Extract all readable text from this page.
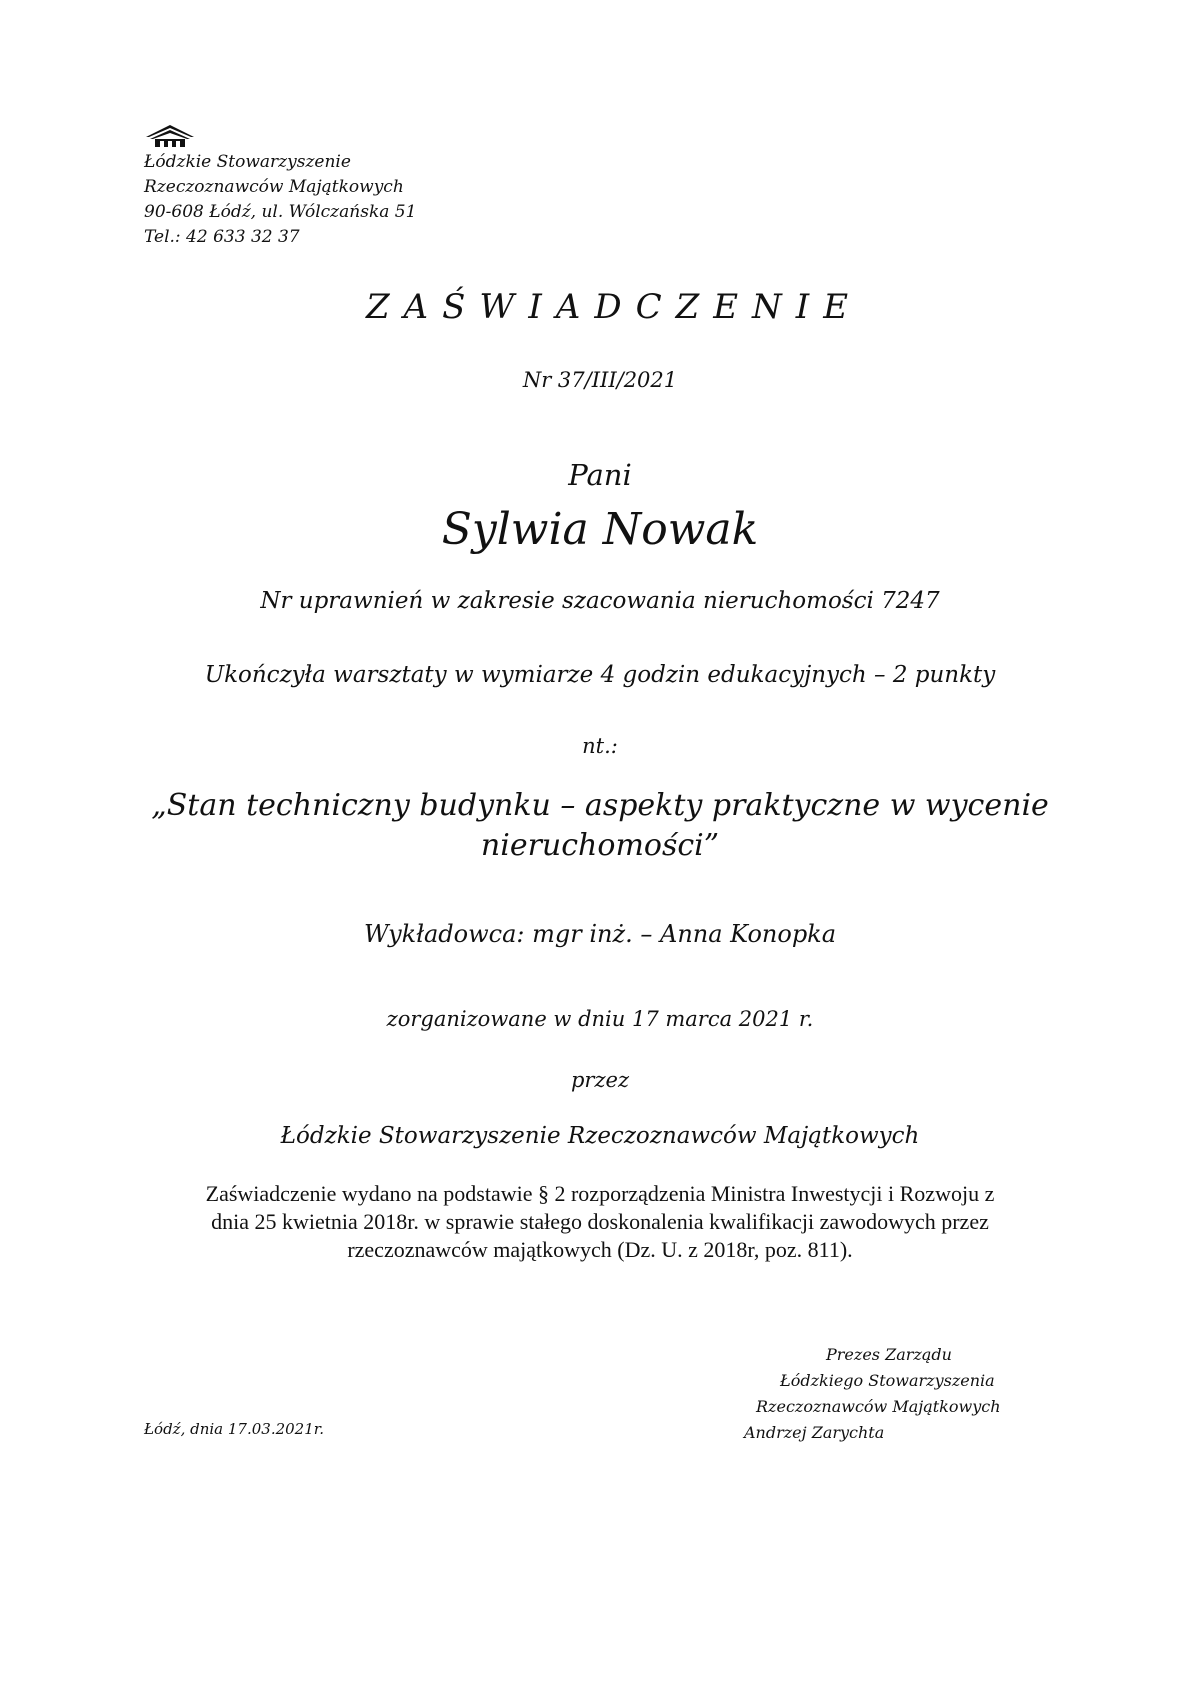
Łódzkie Stowarzyszenie
Rzeczoznawców Majątkowych
90-608 Łódź, ul. Wólczańska 51
Tel.: 42 633 32 37
ZAŚWIADCZENIE
Nr 37/III/2021
Pani
Sylwia Nowak
Nr uprawnień w zakresie szacowania nieruchomości 7247
Ukończyła warsztaty w wymiarze 4 godzin edukacyjnych – 2 punkty
nt.:
„Stan techniczny budynku – aspekty praktyczne w wycenie
nieruchomości”
Wykładowca: mgr inż. – Anna Konopka
zorganizowane w dniu 17 marca 2021 r.
przez
Łódzkie Stowarzyszenie Rzeczoznawców Majątkowych
Zaświadczenie wydano na podstawie § 2 rozporządzenia Ministra Inwestycji i Rozwoju z
dnia 25 kwietnia 2018r. w sprawie stałego doskonalenia kwalifikacji zawodowych przez
rzeczoznawców majątkowych (Dz. U. z 2018r, poz. 811).
Łódź, dnia 17.03.2021r.
Prezes Zarządu
Łódzkiego Stowarzyszenia
Rzeczoznawców Majątkowych
Andrzej Zarychta
